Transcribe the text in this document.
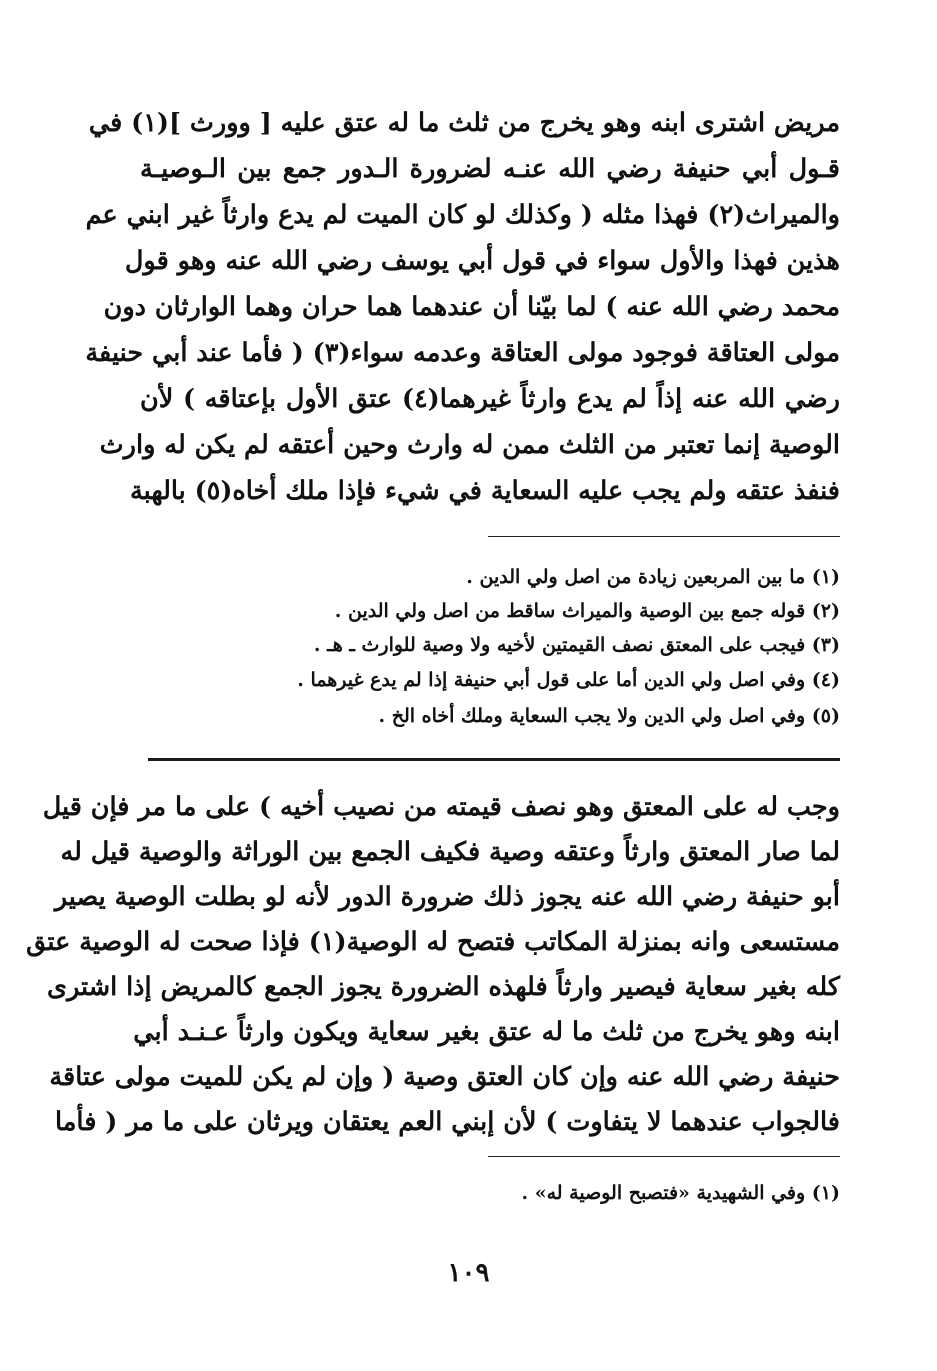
مريض اشترى ابنه وهو يخرج من ثلث ما له عتق عليه [ وورث ](١) في
قـول أبي حنيفة رضي الله عنـه لضرورة الـدور جمع بين الـوصيـة
والميراث(٢) فهذا مثله ( وكذلك لو كان الميت لم يدع وارثاً غير ابني عم
هذين فهذا والأول سواء في قول أبي يوسف رضي الله عنه وهو قول
محمد رضي الله عنه ) لما بيّنا أن عندهما هما حران وهما الوارثان دون
مولى العتاقة فوجود مولى العتاقة وعدمه سواء(٣) ( فأما عند أبي حنيفة
رضي الله عنه إذاً لم يدع وارثاً غيرهما(٤) عتق الأول بإعتاقه ) لأن
الوصية إنما تعتبر من الثلث ممن له وارث وحين أعتقه لم يكن له وارث
فنفذ عتقه ولم يجب عليه السعاية في شيء فإذا ملك أخاه(٥) بالهبة
(١) ما بين المربعين زيادة من اصل ولي الدين .
(٢) قوله جمع بين الوصية والميراث ساقط من اصل ولي الدين .
(٣) فيجب على المعتق نصف القيمتين لأخيه ولا وصية للوارث ـ هـ .
(٤) وفي اصل ولي الدين أما على قول أبي حنيفة إذا لم يدع غيرهما .
(٥) وفي اصل ولي الدين ولا يجب السعاية وملك أخاه الخ .
وجب له على المعتق وهو نصف قيمته من نصيب أخيه ) على ما مر فإن قيل
لما صار المعتق وارثاً وعتقه وصية فكيف الجمع بين الوراثة والوصية قيل له
أبو حنيفة رضي الله عنه يجوز ذلك ضرورة الدور لأنه لو بطلت الوصية يصير
مستسعى وانه بمنزلة المكاتب فتصح له الوصية(١) فإذا صحت له الوصية عتق
كله بغير سعاية فيصير وارثاً فلهذه الضرورة يجوز الجمع كالمريض إذا اشترى
ابنه وهو يخرج من ثلث ما له عتق بغير سعاية ويكون وارثاً عـنـد أبي
حنيفة رضي الله عنه وإن كان العتق وصية ( وإن لم يكن للميت مولى عتاقة
فالجواب عندهما لا يتفاوت ) لأن إبني العم يعتقان ويرثان على ما مر ( فأما
(١) وفي الشهيدية «فتصبح الوصية له» .
١٠٩
